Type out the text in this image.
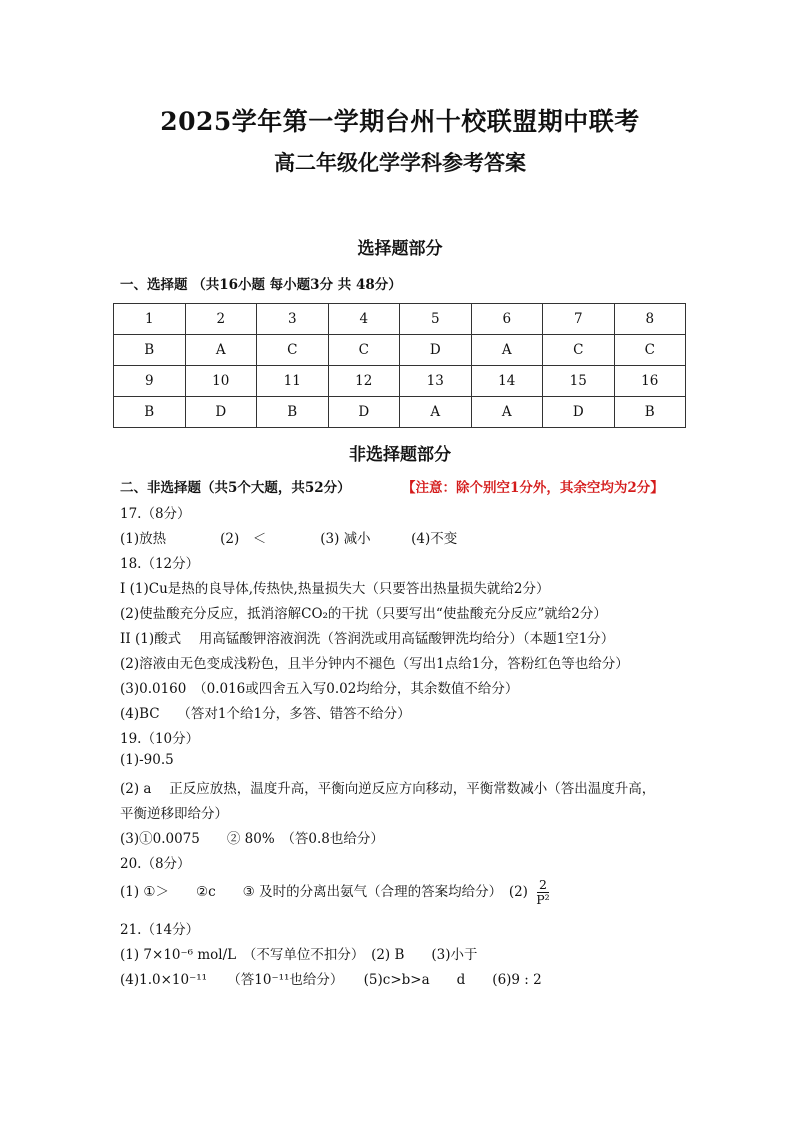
2025学年第一学期台州十校联盟期中联考
高二年级化学学科参考答案
选择题部分
一、选择题 （共16小题 每小题3分 共 48分）
1	2	3	4	5	6	7	8
B	A	C	C	D	A	C	C
9	10	11	12	13	14	15	16
B	D	B	D	A	A	D	B
非选择题部分
二、非选择题（共5个大题，共52分）	【注意：除个别空1分外，其余空均为2分】
17.（8分）
(1)放热　　　　(2)　＜　　　　(3) 减小　　　(4)不变
18.（12分）
I (1)Cu是热的良导体,传热快,热量损失大（只要答出热量损失就给2分）
(2)使盐酸充分反应，抵消溶解CO₂的干扰（只要写出“使盐酸充分反应”就给2分）
II (1)酸式　 用高锰酸钾溶液润洗（答润洗或用高锰酸钾洗均给分）（本题1空1分）
(2)溶液由无色变成浅粉色，且半分钟内不褪色（写出1点给1分，答粉红色等也给分）
(3)0.0160　（0.016或四舍五入写0.02均给分，其余数值不给分）
(4)BC　 （答对1个给1分，多答、错答不给分）
19.（10分）
(1)-90.5
(2) a　 正反应放热，温度升高，平衡向逆反应方向移动，平衡常数减小（答出温度升高，
平衡逆移即给分）
(3)①0.0075　　② 80%　（答0.8也给分）
20.（8分）
(1) ①＞　　②c　　③ 及时的分离出氨气（合理的答案均给分）　$(2) \frac{2}{\text{P²}}$
21.（14分）
(1) 7×10⁻⁶ mol/L　（不写单位不扣分）　(2) B　　(3)小于
(4)1.0×10⁻¹¹　　（答10⁻¹¹也给分）　　(5)c>b>a　　d　　(6)9 : 2
